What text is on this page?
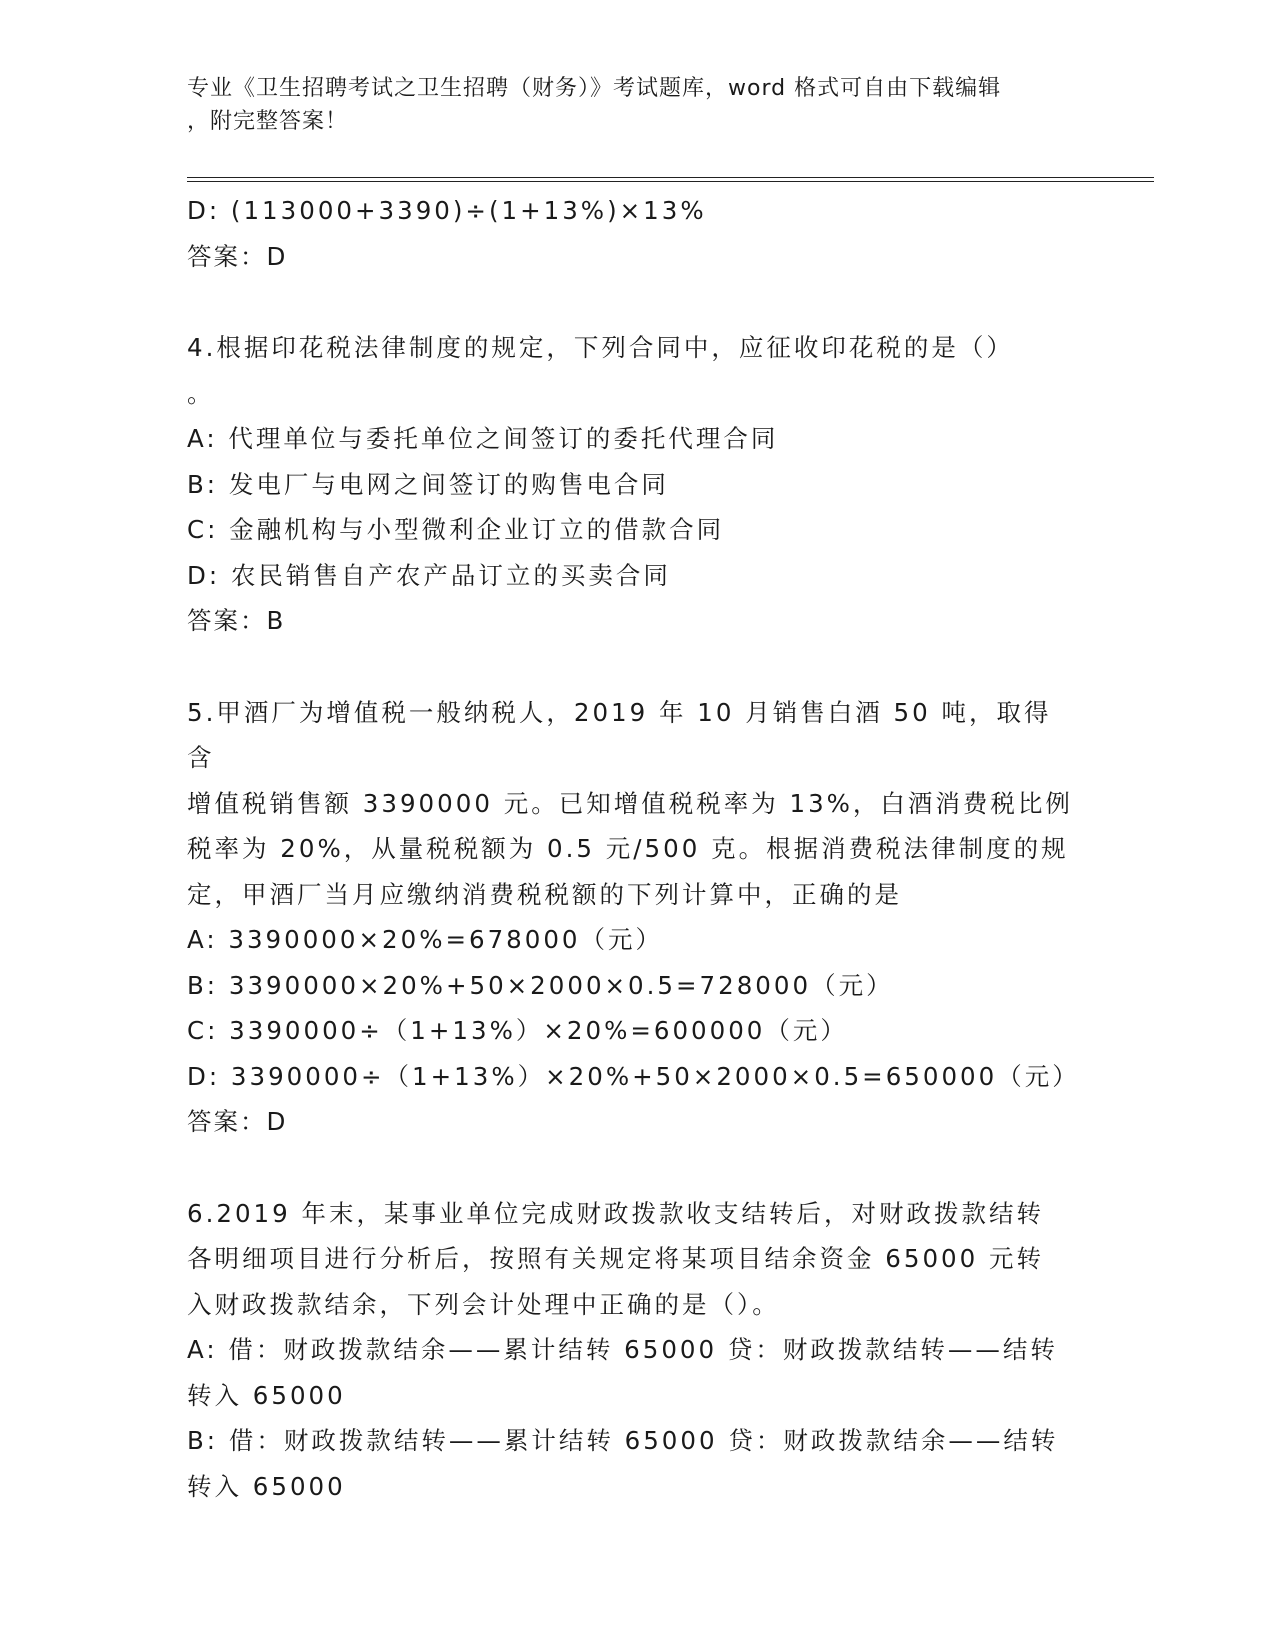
专业《卫生招聘考试之卫生招聘（财务）》考试题库，word 格式可自由下载编辑
，附完整答案！
D: (113000+3390)÷(1+13%)×13%
答案：D
4.根据印花税法律制度的规定，下列合同中，应征收印花税的是（）
。
A: 代理单位与委托单位之间签订的委托代理合同
B: 发电厂与电网之间签订的购售电合同
C: 金融机构与小型微利企业订立的借款合同
D: 农民销售自产农产品订立的买卖合同
答案：B
5.甲酒厂为增值税一般纳税人，2019 年 10 月销售白酒 50 吨，取得含
增值税销售额 3390000 元。已知增值税税率为 13%，白酒消费税比例
税率为 20%，从量税税额为 0.5 元/500 克。根据消费税法律制度的规
定，甲酒厂当月应缴纳消费税税额的下列计算中，正确的是
A: 3390000×20%=678000（元）
B: 3390000×20%+50×2000×0.5=728000（元）
C: 3390000÷（1+13%）×20%=600000（元）
D: 3390000÷（1+13%）×20%+50×2000×0.5=650000（元）
答案：D
6.2019 年末，某事业单位完成财政拨款收支结转后，对财政拨款结转
各明细项目进行分析后，按照有关规定将某项目结余资金 65000 元转
入财政拨款结余，下列会计处理中正确的是（）。
A: 借：财政拨款结余——累计结转 65000 贷：财政拨款结转——结转
转入 65000
B: 借：财政拨款结转——累计结转 65000 贷：财政拨款结余——结转
转入 65000
